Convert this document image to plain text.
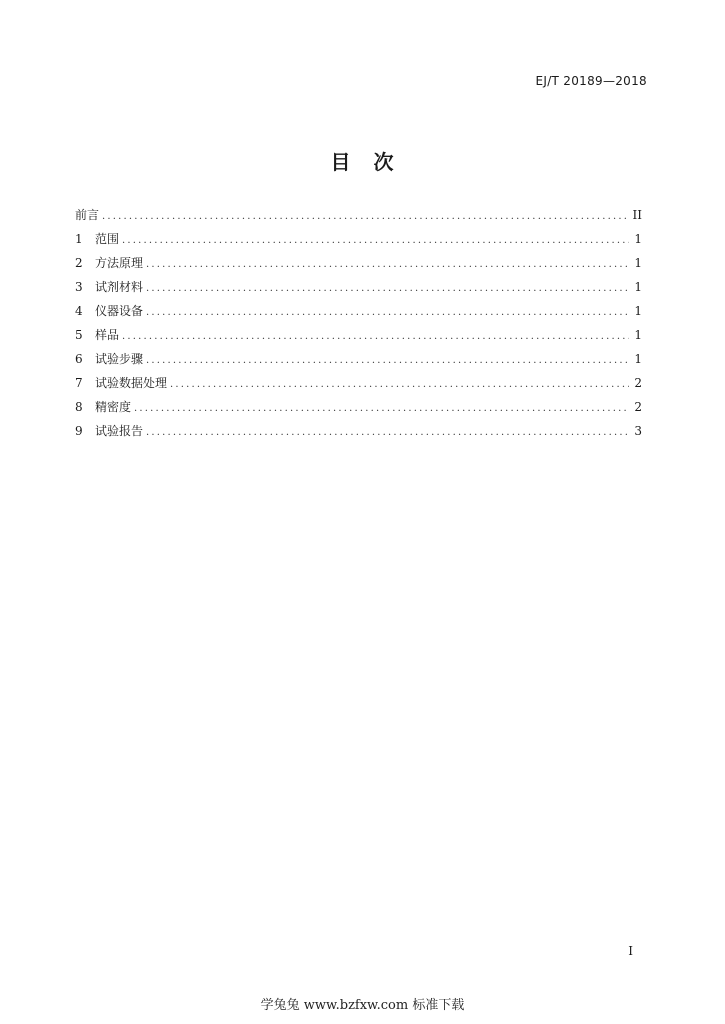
EJ/T 20189—2018
目 次
前言 .....	II
1	范围 .....	1
2	方法原理 .....	1
3	试剂材料 .....	1
4	仪器设备 .....	1
5	样品 .....	1
6	试验步骤 .....	1
7	试验数据处理 .....	2
8	精密度 .....	2
9	试验报告 .....	3
I
学兔兔 www.bzfxw.com 标准下载
